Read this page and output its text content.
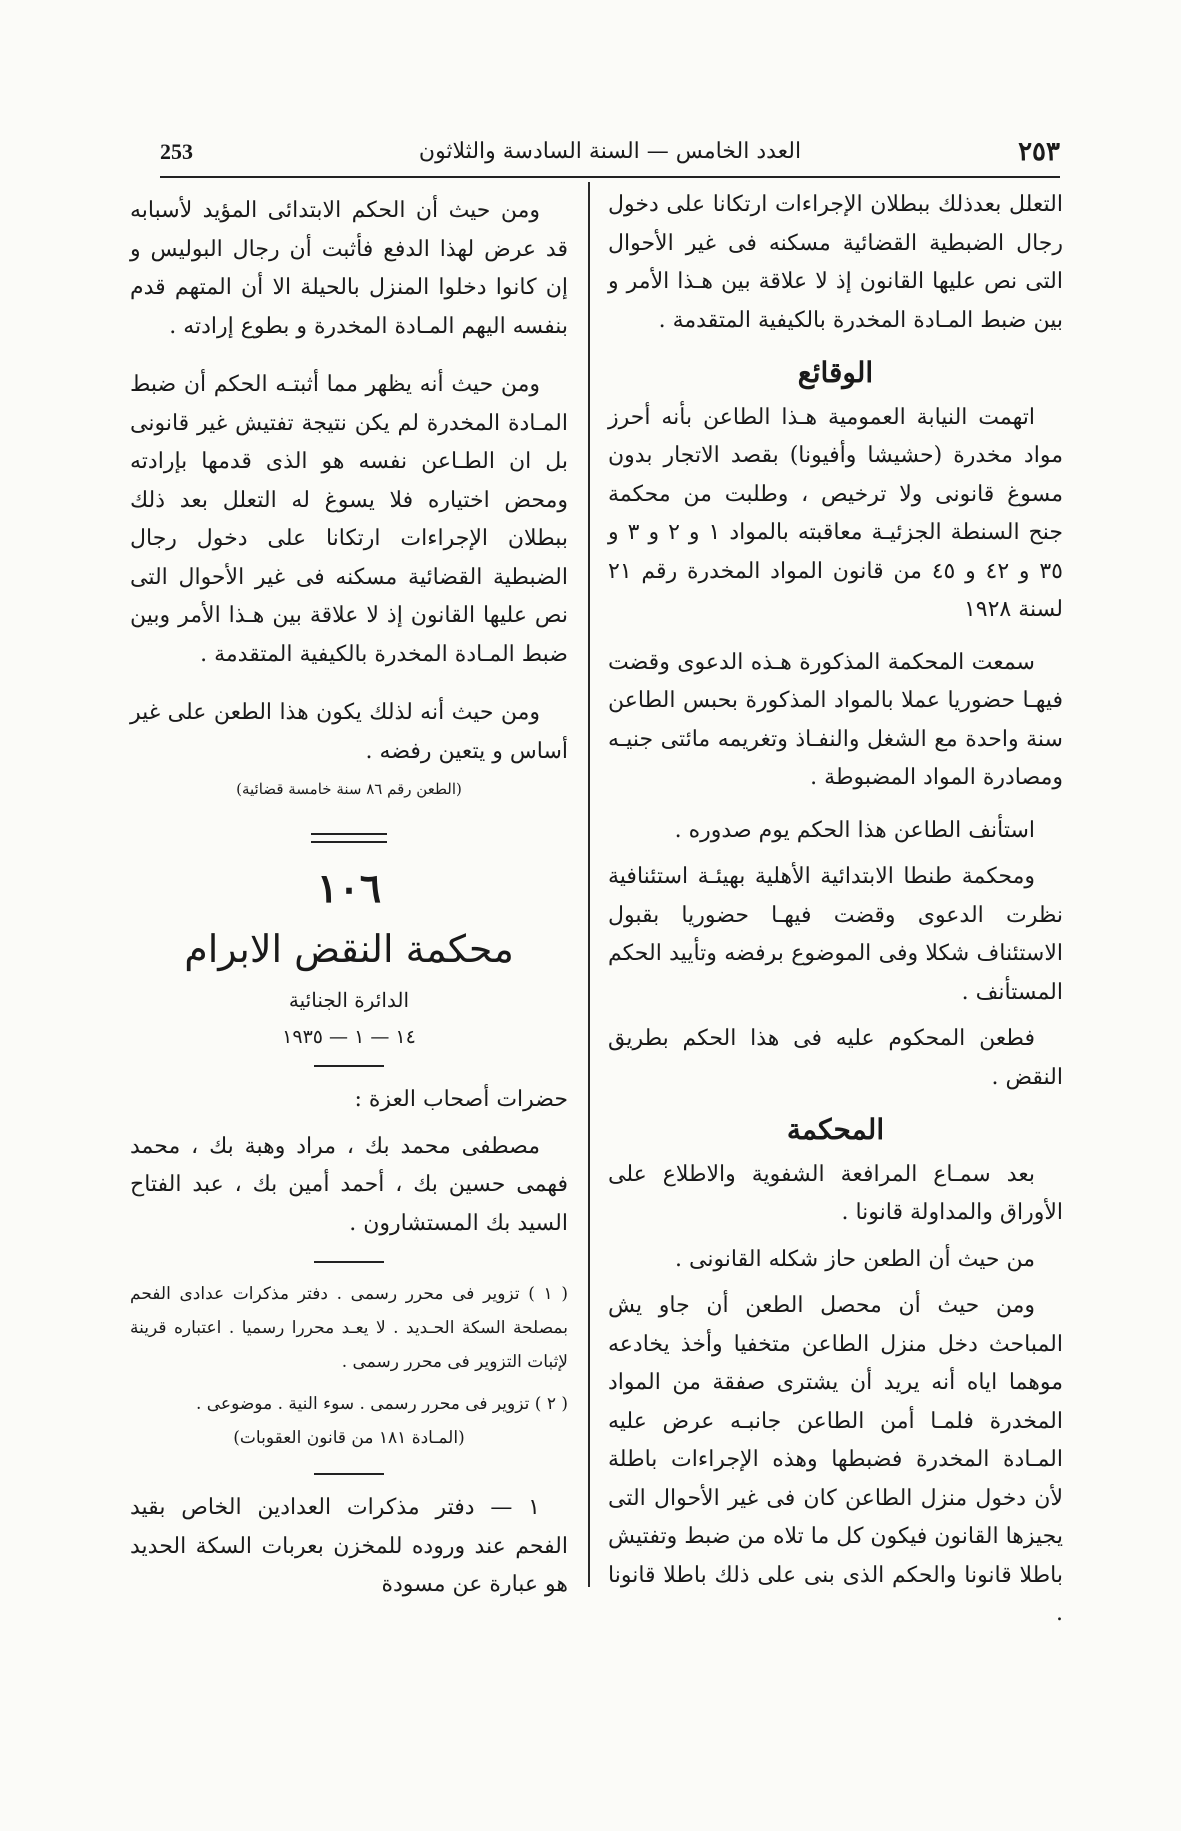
٢٥٣
العدد الخامس — السنة السادسة والثلاثون
253

التعلل بعدذلك ببطلان الإجراءات ارتكانا على دخول رجال الضبطية القضائية مسكنه فى غير الأحوال التى نص عليها القانون إذ لا علاقة بين هـذا الأمر و بين ضبط المـادة المخدرة بالكيفية المتقدمة .

الوقائع

اتهمت النيابة العمومية هـذا الطاعن بأنه أحرز مواد مخدرة (حشيشا وأفيونا) بقصد الاتجار بدون مسوغ قانونى ولا ترخيص ، وطلبت من محكمة جنح السنطة الجزئيـة معاقبته بالمواد ١ و ٢ و ٣ و ٣٥ و ٤٢ و ٤٥ من قانون المواد المخدرة رقم ٢١ لسنة ١٩٢٨

سمعت المحكمة المذكورة هـذه الدعوى وقضت فيهـا حضوريا عملا بالمواد المذكورة بحبس الطاعن سنة واحدة مع الشغل والنفـاذ وتغريمه مائتى جنيـه ومصادرة المواد المضبوطة .

استأنف الطاعن هذا الحكم يوم صدوره .

ومحكمة طنطا الابتدائية الأهلية بهيئـة استئنافية نظرت الدعوى وقضت فيهـا حضوريا بقبول الاستئناف شكلا وفى الموضوع برفضه وتأييد الحكم المستأنف .

فطعن المحكوم عليه فى هذا الحكم بطريق النقض .

المحكمة

بعد سمـاع المرافعة الشفوية والاطلاع على الأوراق والمداولة قانونا .

من حيث أن الطعن حاز شكله القانونى .

ومن حيث أن محصل الطعن أن جاو يش المباحث دخل منزل الطاعن متخفيا وأخذ يخادعه موهما اياه أنه يريد أن يشترى صفقة من المواد المخدرة فلمـا أمن الطاعن جانبـه عرض عليه المـادة المخدرة فضبطها وهذه الإجراءات باطلة لأن دخول منزل الطاعن كان فى غير الأحوال التى يجيزها القانون فيكون كل ما تلاه من ضبط وتفتيش باطلا قانونا والحكم الذى بنى على ذلك باطلا قانونا .

ومن حيث أن الحكم الابتدائى المؤيد لأسبابه قد عرض لهذا الدفع فأثبت أن رجال البوليس و إن كانوا دخلوا المنزل بالحيلة الا أن المتهم قدم بنفسه اليهم المـادة المخدرة و بطوع إرادته .

ومن حيث أنه يظهر مما أثبتـه الحكم أن ضبط المـادة المخدرة لم يكن نتيجة تفتيش غير قانونى بل ان الطـاعن نفسه هو الذى قدمها بإرادته ومحض اختياره فلا يسوغ له التعلل بعد ذلك ببطلان الإجراءات ارتكانا على دخول رجال الضبطية القضائية مسكنه فى غير الأحوال التى نص عليها القانون إذ لا علاقة بين هـذا الأمر وبين ضبط المـادة المخدرة بالكيفية المتقدمة .

ومن حيث أنه لذلك يكون هذا الطعن على غير أساس و يتعين رفضه .

(الطعن رقم ٨٦ سنة خامسة قضائية)
١٠٦
محكمة النقض الابرام
الدائرة الجنائية
١٤ — ١ — ١٩٣٥

حضرات أصحاب العزة :

مصطفى محمد بك ، مراد وهبة بك ، محمد فهمى حسين بك ، أحمد أمين بك ، عبد الفتاح السيد بك المستشارون .

( ١ ) تزوير فى محرر رسمى . دفتر مذكرات عدادى الفحم بمصلحة السكة الحـديد . لا يعـد محررا رسميا . اعتباره قرينة لإثبات التزوير فى محرر رسمى .

( ٢ ) تزوير فى محرر رسمى . سوء النية . موضوعى .

(المـادة ١٨١ من قانون العقوبات)

١ — دفتر مذكرات العدادين الخاص بقيد الفحم عند وروده للمخزن بعربات السكة الحديد هو عبارة عن مسودة
